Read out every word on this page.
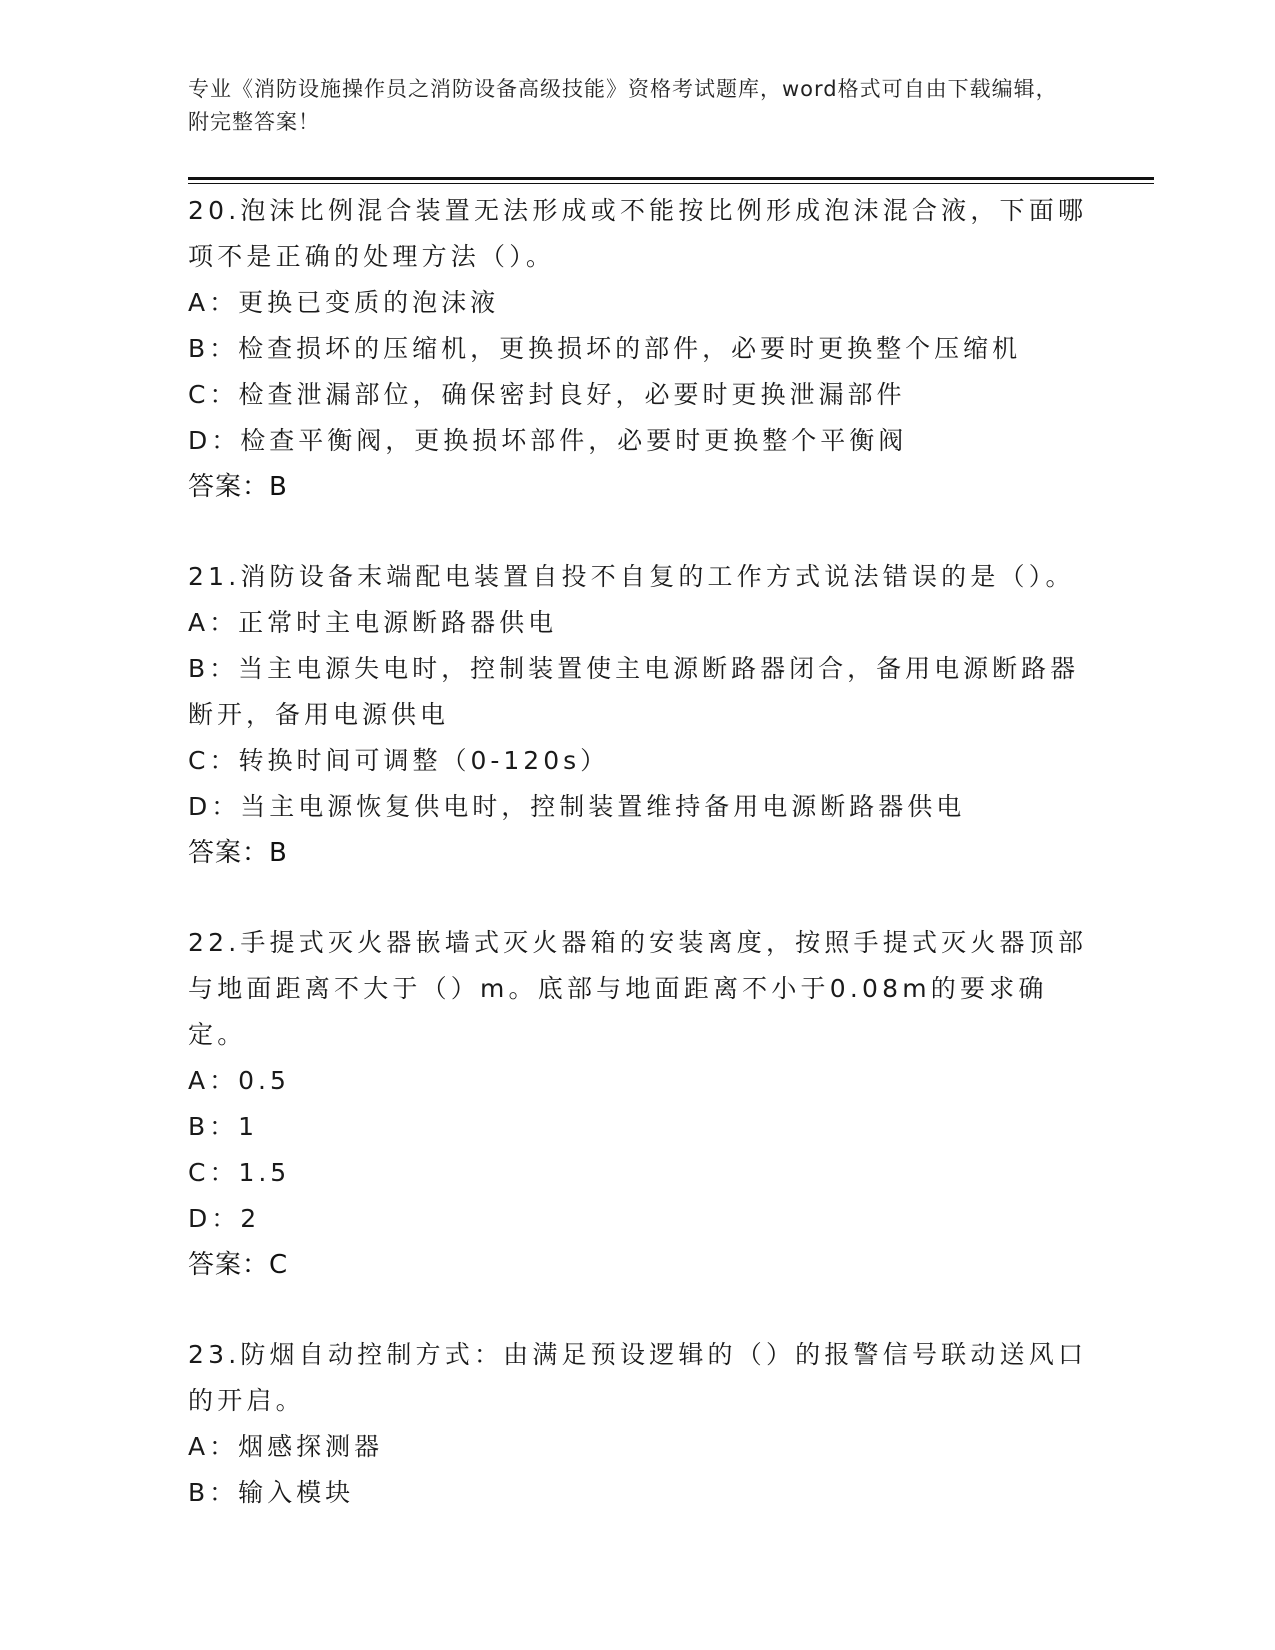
专业《消防设施操作员之消防设备高级技能》资格考试题库，word格式可自由下载编辑，附完整答案！
20.泡沫比例混合装置无法形成或不能按比例形成泡沫混合液，下面哪项不是正确的处理方法（）。
A：更换已变质的泡沫液
B：检查损坏的压缩机，更换损坏的部件，必要时更换整个压缩机
C：检查泄漏部位，确保密封良好，必要时更换泄漏部件
D：检查平衡阀，更换损坏部件，必要时更换整个平衡阀
答案：B
21.消防设备末端配电装置自投不自复的工作方式说法错误的是（）。
A：正常时主电源断路器供电
B：当主电源失电时，控制装置使主电源断路器闭合，备用电源断路器断开，备用电源供电
C：转换时间可调整（0-120s）
D：当主电源恢复供电时，控制装置维持备用电源断路器供电
答案：B
22.手提式灭火器嵌墙式灭火器箱的安装离度，按照手提式灭火器顶部与地面距离不大于（）m。底部与地面距离不小于0.08m的要求确定。
A：0.5
B：1
C：1.5
D：2
答案：C
23.防烟自动控制方式：由满足预设逻辑的（）的报警信号联动送风口的开启。
A：烟感探测器
B：输入模块
